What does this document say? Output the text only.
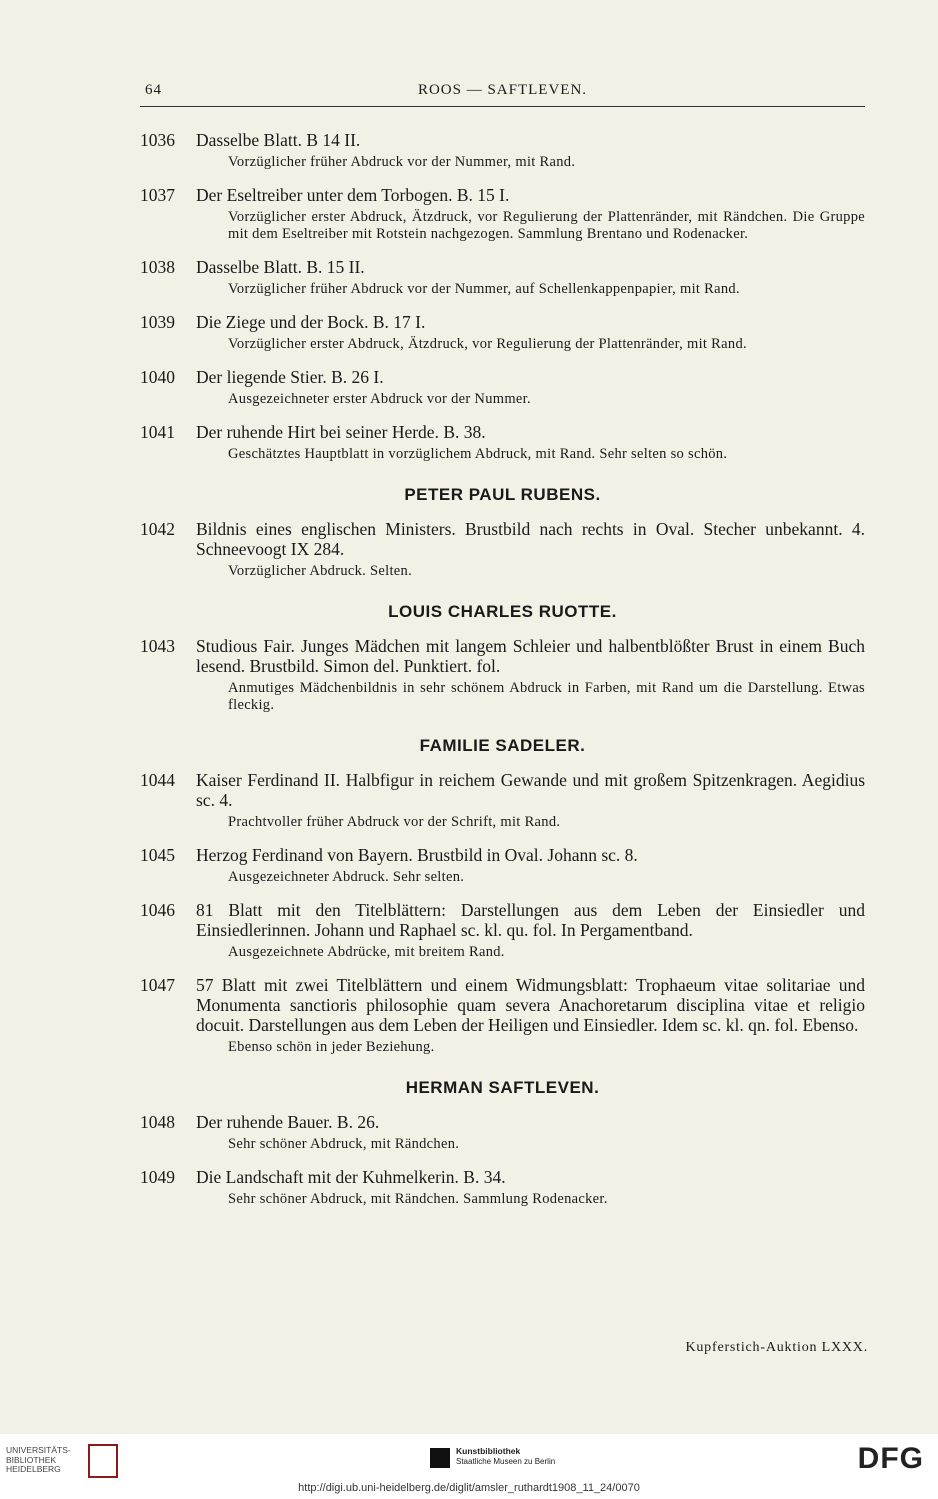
64	ROOS — SAFTLEVEN.
1036	Dasselbe Blatt. B 14 II.
Vorzüglicher früher Abdruck vor der Nummer, mit Rand.
1037	Der Eseltreiber unter dem Torbogen. B. 15 I.
Vorzüglicher erster Abdruck, Ätzdruck, vor Regulierung der Plattenränder, mit Rändchen. Die Gruppe mit dem Eseltreiber mit Rotstein nachgezogen. Sammlung Brentano und Rodenacker.
1038	Dasselbe Blatt. B. 15 II.
Vorzüglicher früher Abdruck vor der Nummer, auf Schellenkappenpapier, mit Rand.
1039	Die Ziege und der Bock. B. 17 I.
Vorzüglicher erster Abdruck, Ätzdruck, vor Regulierung der Plattenränder, mit Rand.
1040	Der liegende Stier. B. 26 I.
Ausgezeichneter erster Abdruck vor der Nummer.
1041	Der ruhende Hirt bei seiner Herde. B. 38.
Geschätztes Hauptblatt in vorzüglichem Abdruck, mit Rand. Sehr selten so schön.
PETER PAUL RUBENS.
1042	Bildnis eines englischen Ministers. Brustbild nach rechts in Oval. Stecher unbekannt. 4. Schneevoogt IX 284.
Vorzüglicher Abdruck. Selten.
LOUIS CHARLES RUOTTE.
1043	Studious Fair. Junges Mädchen mit langem Schleier und halbentblößter Brust in einem Buch lesend. Brustbild. Simon del. Punktiert. fol.
Anmutiges Mädchenbildnis in sehr schönem Abdruck in Farben, mit Rand um die Darstellung. Etwas fleckig.
FAMILIE SADELER.
1044	Kaiser Ferdinand II. Halbfigur in reichem Gewande und mit großem Spitzenkragen. Aegidius sc. 4.
Prachtvoller früher Abdruck vor der Schrift, mit Rand.
1045	Herzog Ferdinand von Bayern. Brustbild in Oval. Johann sc. 8.
Ausgezeichneter Abdruck. Sehr selten.
1046	81 Blatt mit den Titelblättern: Darstellungen aus dem Leben der Einsiedler und Einsiedlerinnen. Johann und Raphael sc. kl. qu. fol. In Pergamentband.
Ausgezeichnete Abdrücke, mit breitem Rand.
1047	57 Blatt mit zwei Titelblättern und einem Widmungsblatt: Trophaeum vitae solitariae und Monumenta sanctioris philosophie quam severa Anachoretarum disciplina vitae et religio docuit. Darstellungen aus dem Leben der Heiligen und Einsiedler. Idem sc. kl. qn. fol. Ebenso.
Ebenso schön in jeder Beziehung.
HERMAN SAFTLEVEN.
1048	Der ruhende Bauer. B. 26.
Sehr schöner Abdruck, mit Rändchen.
1049	Die Landschaft mit der Kuhmelkerin. B. 34.
Sehr schöner Abdruck, mit Rändchen. Sammlung Rodenacker.
Kupferstich-Auktion LXXX.
UNIVERSITÄTS-
BIBLIOTHEK
HEIDELBERG
Kunstbibliothek
Staatliche Museen zu Berlin	DFG
http://digi.ub.uni-heidelberg.de/diglit/amsler_ruthardt1908_11_24/0070
